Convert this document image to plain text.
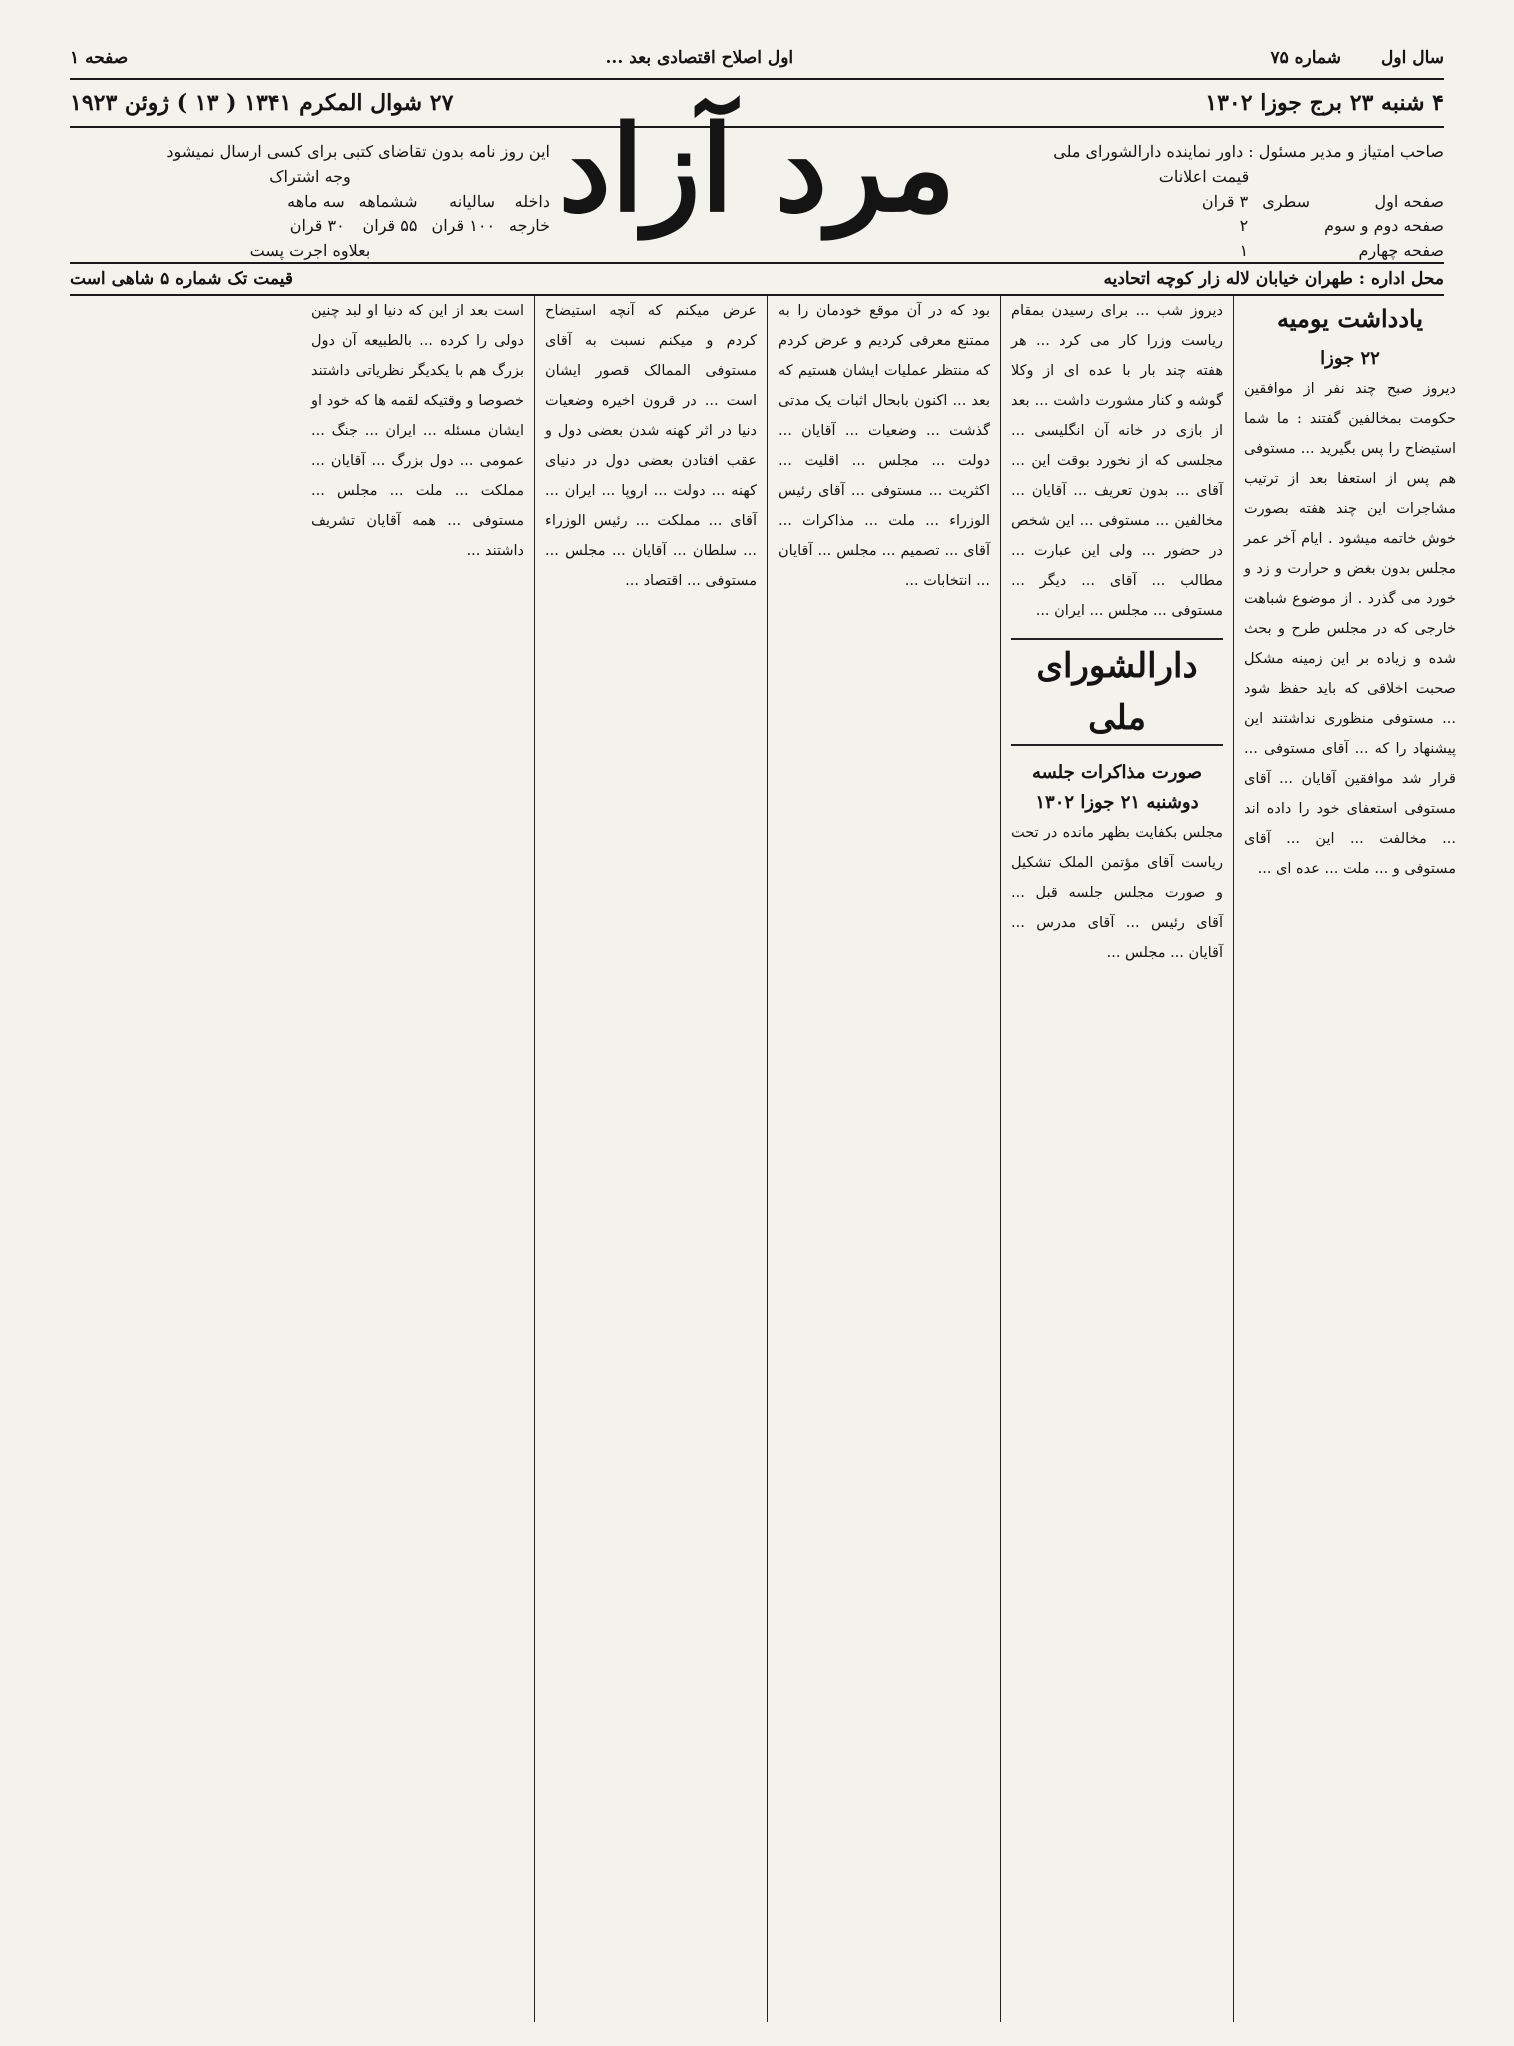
سال اول
شماره ۷۵
اول اصلاح اقتصادی بعد ...
صفحه ۱
۴ شنبه ۲۳ برج جوزا ۱۳۰۲
۲۷ شوال المکرم ۱۳۴۱ ( ۱۳ ) ژوئن ۱۹۲۳ مرد آزاد	صاحب امتیاز و مدیر مسئول : داور نماینده دارالشورای ملی
قیمت اعلانات
صفحه اول
صفحه دوم و سوم
صفحه چهارم
سطری
۳ قران
۲
۱
این روز نامه بدون تقاضای کتبی برای کسی ارسال نمیشود
وجه اشتراک
داخله
خارجه
سالیانه
۱۰۰ قران
ششماهه
۵۵ قران
سه ماهه
۳۰ قران
بعلاوه اجرت پست
محل اداره : طهران خیابان لاله زار کوچه اتحادیه
قیمت تک شماره ۵ شاهی است
یادداشت یومیه
۲۲ جوزا
دیروز صبح چند نفر از موافقین حکومت بمخالفین گفتند : ما شما استیضاح را پس بگیرید ... مستوفی هم پس از استعفا بعد از ترتیب مشاجرات این چند هفته بصورت خوش خاتمه میشود . ایام آخر عمر مجلس بدون بغض و حرارت و زد و خورد می گذرد . از موضوع شباهت خارجی که در مجلس طرح و بحث شده و زیاده بر این زمینه مشکل صحبت اخلاقی که باید حفظ شود ... مستوفی منظوری نداشتند این پیشنهاد را که ... آقای مستوفی ... قرار شد موافقین آقایان ... آقای مستوفی استعفای خود را داده اند ... مخالفت ... این ... آقای مستوفی و ... ملت ... عده ای ...
دیروز شب ... برای رسیدن بمقام ریاست وزرا کار می کرد ... هر هفته چند بار با عده ای از وکلا گوشه و کنار مشورت داشت ... بعد از بازی در خانه آن انگلیسی ... مجلسی که از نخورد بوقت این ... آقای ... بدون تعریف ... آقایان ... مخالفین ... مستوفی ... این شخص در حضور ... ولی این عبارت ... مطالب ... آقای ... دیگر ... مستوفی ... مجلس ... ایران ...
دارالشورای ملی
صورت مذاکرات جلسه دوشنبه ۲۱ جوزا ۱۳۰۲
مجلس بکفایت بظهر مانده در تحت ریاست آقای مؤتمن الملک تشکیل و صورت مجلس جلسه قبل ... آقای رئیس ... آقای مدرس ... آقایان ... مجلس ...
بود که در آن موقع خودمان را به ممتنع معرفی کردیم و عرض کردم که منتظر عملیات ایشان هستیم که بعد ... اکنون بابحال اثبات یک مدتی گذشت ... وضعیات ... آقایان ... دولت ... مجلس ... اقلیت ... اکثریت ... مستوفی ... آقای رئیس الوزراء ... ملت ... مذاکرات ... آقای ... تصمیم ... مجلس ... آقایان ... انتخابات ...
عرض میکنم که آنچه استیضاح کردم و میکنم نسبت به آقای مستوفی الممالک قصور ایشان است ... در قرون اخیره وضعیات دنیا در اثر کهنه شدن بعضی دول و عقب افتادن بعضی دول در دنیای کهنه ... دولت ... اروپا ... ایران ... آقای ... مملکت ... رئیس الوزراء ... سلطان ... آقایان ... مجلس ... مستوفی ... اقتصاد ...
است بعد از این که دنیا او لبد چنین دولی را کرده ... بالطبیعه آن دول بزرگ هم با یکدیگر نظریاتی داشتند خصوصا و وقتیکه لقمه ها که خود او ایشان مسئله ... ایران ... جنگ ... عمومی ... دول بزرگ ... آقایان ... مملکت ... ملت ... مجلس ... مستوفی ... همه آقایان تشریف داشتند ...
